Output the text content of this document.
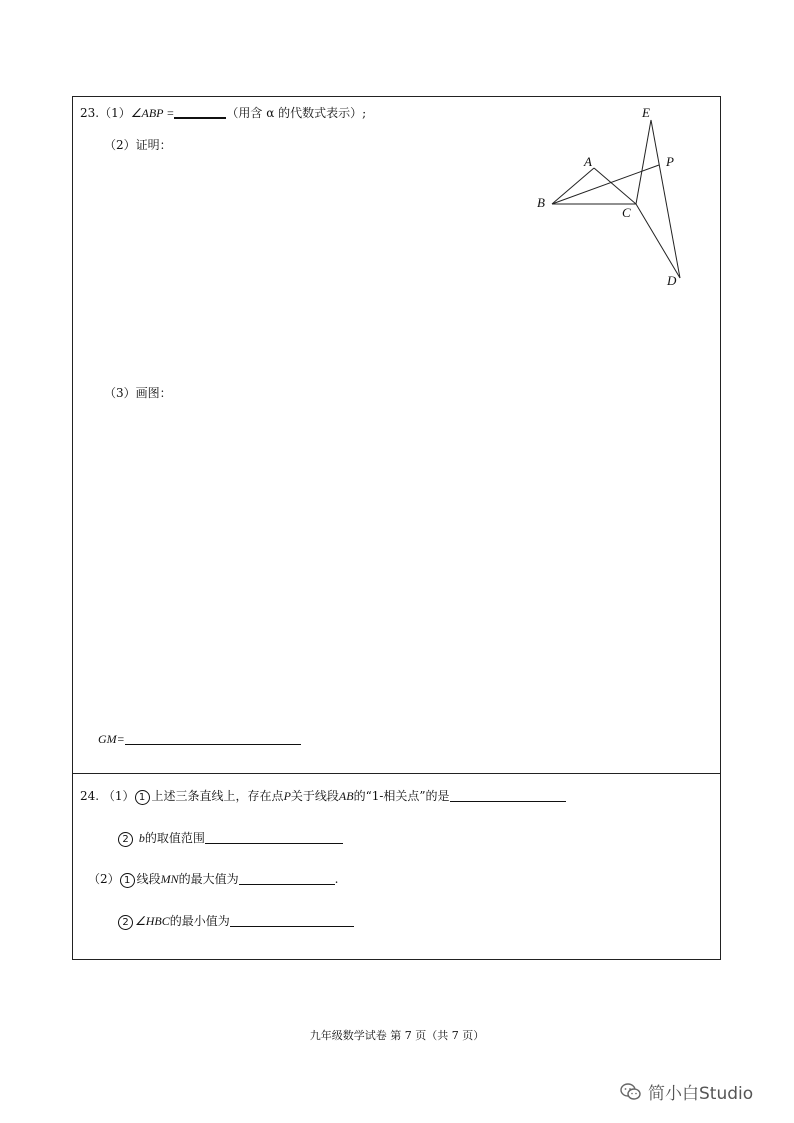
23.（1）∠ABP =	（用含 α 的代数式表示）;
（2）证明：
（3）画图：
GM=
A
B
C
D
E
P
24. （1） 1 上述三条直线上，存在点P关于线段AB的“1-相关点”的是
2 b的取值范围
（2） 1 线段MN的最大值为	.
2 ∠HBC的最小值为
九年级数学试卷 第 7 页（共 7 页）
简小白Studio
